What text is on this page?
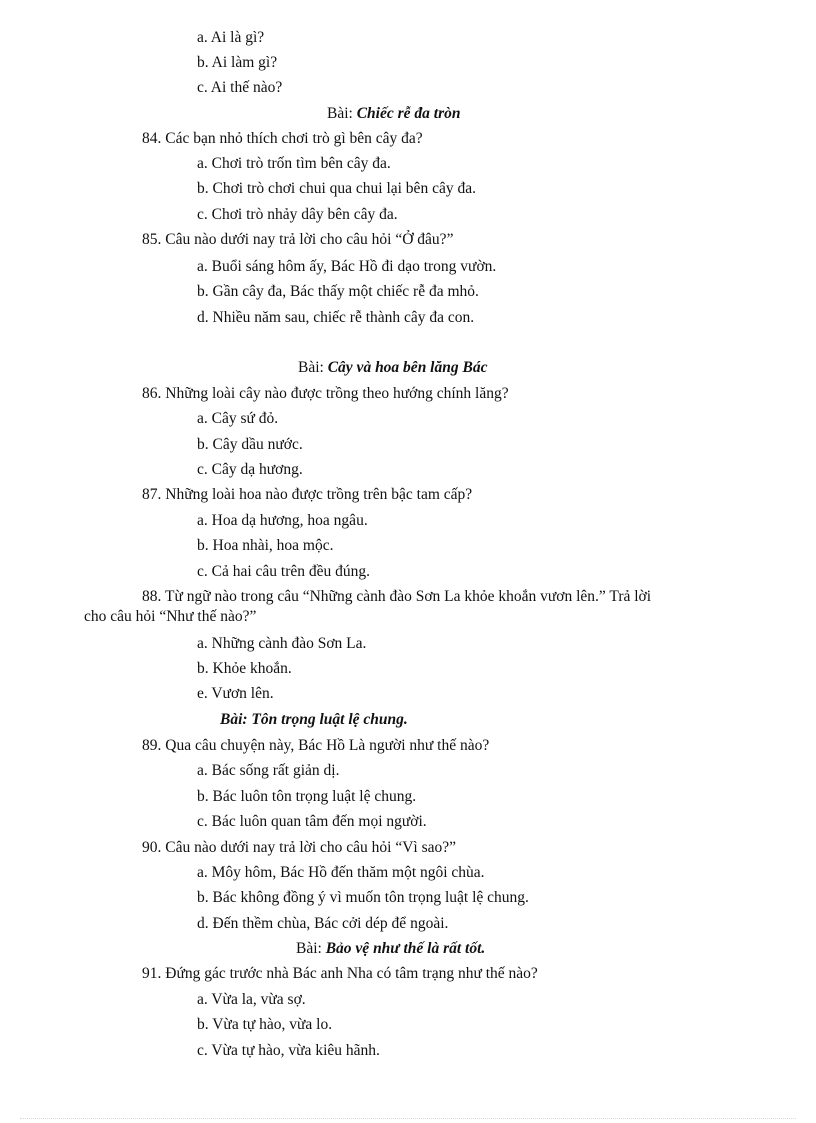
a. Ai là gì?
b. Ai làm gì?
c. Ai thế nào?
Bài: Chiếc rễ đa tròn
84. Các bạn nhỏ thích chơi trò gì bên cây đa?
a. Chơi trò trốn tìm bên cây đa.
b. Chơi trò chơi chui qua chui lại bên cây đa.
c. Chơi trò nhảy dây bên cây đa.
85. Câu nào dưới nay trả lời cho câu hỏi “Ở đâu?”
a. Buổi sáng hôm ấy, Bác Hồ đi dạo trong vườn.
b. Gần cây đa, Bác thấy một chiếc rễ đa mhỏ.
d. Nhiều năm sau, chiếc rễ thành cây đa con.
Bài: Cây và hoa bên lăng Bác
86. Những loài cây nào được trồng theo hướng chính lăng?
a. Cây sứ đỏ.
b. Cây dầu nước.
c. Cây dạ hương.
87. Những loài hoa nào được trồng trên bậc tam cấp?
a. Hoa dạ hương, hoa ngâu.
b. Hoa nhài, hoa mộc.
c. Cả hai câu trên đều đúng.
88. Từ ngữ nào trong câu “Những cành đào Sơn La khỏe khoắn vươn lên.” Trả lời
cho câu hỏi “Như thế nào?”
a. Những cành đào Sơn La.
b. Khỏe khoắn.
e. Vươn lên.
Bài: Tôn trọng luật lệ chung.
89. Qua câu chuyện này, Bác Hồ Là người như thế nào?
a. Bác sống rất giản dị.
b. Bác luôn tôn trọng luật lệ chung.
c. Bác luôn quan tâm đến mọi người.
90. Câu nào dưới nay trả lời cho câu hỏi “Vì sao?”
a. Môy hôm, Bác Hồ đến thăm một ngôi chùa.
b. Bác không đồng ý vì muốn tôn trọng luật lệ chung.
d. Đến thềm chùa, Bác cởi dép để ngoài.
Bài: Bảo vệ như thế là rất tốt.
91. Đứng gác trước nhà Bác anh Nha có tâm trạng như thế nào?
a. Vừa la, vừa sợ.
b. Vừa tự hào, vừa lo.
c. Vừa tự hào, vừa kiêu hãnh.
